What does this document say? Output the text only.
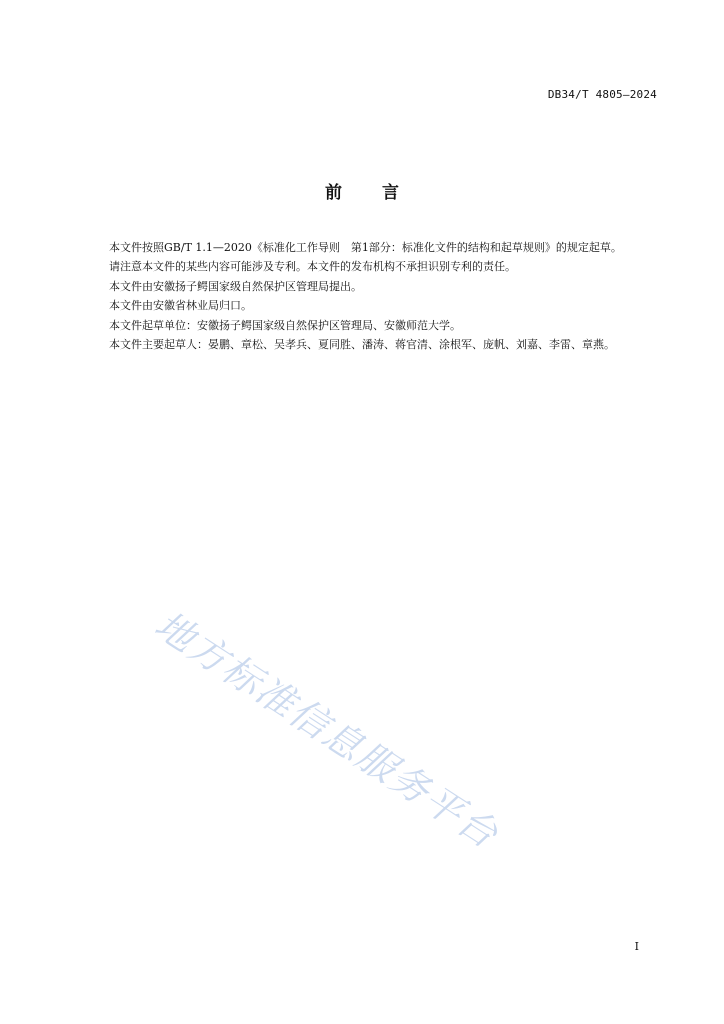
DB34/T 4805—2024
前言

本文件按照GB/T 1.1—2020《标准化工作导则　第1部分：标准化文件的结构和起草规则》的规定起草。

请注意本文件的某些内容可能涉及专利。本文件的发布机构不承担识别专利的责任。

本文件由安徽扬子鳄国家级自然保护区管理局提出。

本文件由安徽省林业局归口。

本文件起草单位：安徽扬子鳄国家级自然保护区管理局、安徽师范大学。

本文件主要起草人：晏鹏、章松、吴孝兵、夏同胜、潘涛、蒋官清、涂根军、庞帆、刘嘉、李雷、章燕。

地方标准信息服务平台
I
